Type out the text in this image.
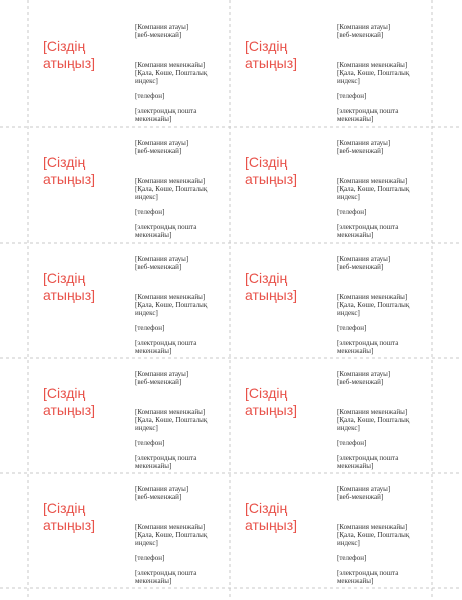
[Сіздің атыңыз]
[Компания атауы]
[веб-мекенжай]
[Компания мекенжайы]
[Қала, Көше, Пошталық индекс]
[телефон]
[электрондық пошта мекенжайы]
[Сіздің атыңыз]
[Компания атауы]
[веб-мекенжай]
[Компания мекенжайы]
[Қала, Көше, Пошталық индекс]
[телефон]
[электрондық пошта мекенжайы]
[Сіздің атыңыз]
[Компания атауы]
[веб-мекенжай]
[Компания мекенжайы]
[Қала, Көше, Пошталық индекс]
[телефон]
[электрондық пошта мекенжайы]
[Сіздің атыңыз]
[Компания атауы]
[веб-мекенжай]
[Компания мекенжайы]
[Қала, Көше, Пошталық индекс]
[телефон]
[электрондық пошта мекенжайы]
[Сіздің атыңыз]
[Компания атауы]
[веб-мекенжай]
[Компания мекенжайы]
[Қала, Көше, Пошталық индекс]
[телефон]
[электрондық пошта мекенжайы]
[Сіздің атыңыз]
[Компания атауы]
[веб-мекенжай]
[Компания мекенжайы]
[Қала, Көше, Пошталық индекс]
[телефон]
[электрондық пошта мекенжайы]
[Сіздің атыңыз]
[Компания атауы]
[веб-мекенжай]
[Компания мекенжайы]
[Қала, Көше, Пошталық индекс]
[телефон]
[электрондық пошта мекенжайы]
[Сіздің атыңыз]
[Компания атауы]
[веб-мекенжай]
[Компания мекенжайы]
[Қала, Көше, Пошталық индекс]
[телефон]
[электрондық пошта мекенжайы]
[Сіздің атыңыз]
[Компания атауы]
[веб-мекенжай]
[Компания мекенжайы]
[Қала, Көше, Пошталық индекс]
[телефон]
[электрондық пошта мекенжайы]
[Сіздің атыңыз]
[Компания атауы]
[веб-мекенжай]
[Компания мекенжайы]
[Қала, Көше, Пошталық индекс]
[телефон]
[электрондық пошта мекенжайы]
